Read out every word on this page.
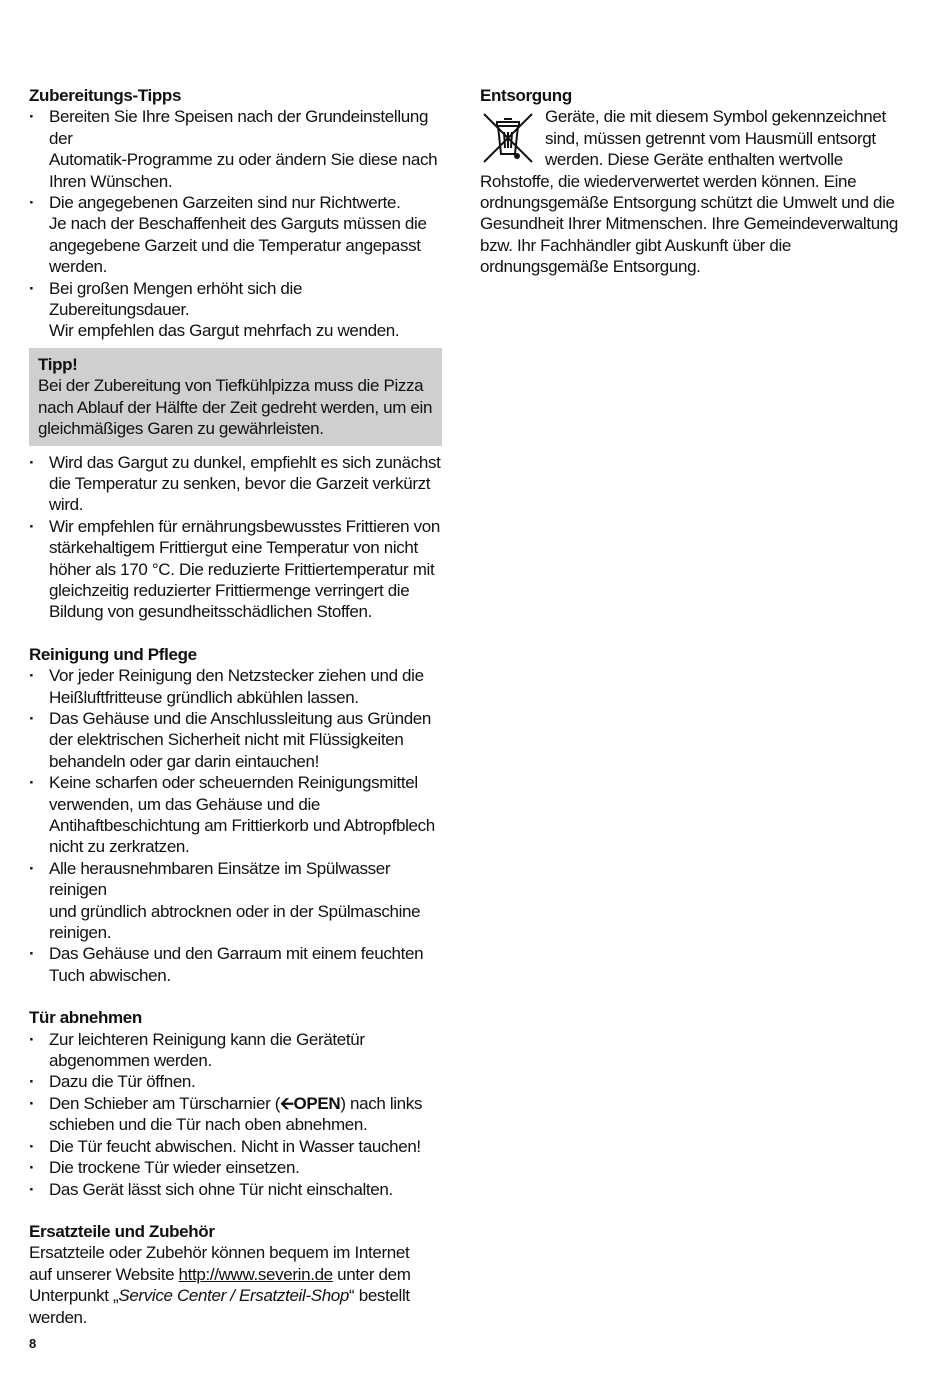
Zubereitungs-Tipps

· Bereiten Sie Ihre Speisen nach der Grundeinstellung der
Automatik-Programme zu oder ändern Sie diese nach
Ihren Wünschen.
· Die angegebenen Garzeiten sind nur Richtwerte.
Je nach der Beschaffenheit des Garguts müssen die
angegebene Garzeit und die Temperatur angepasst
werden.
· Bei großen Mengen erhöht sich die Zubereitungsdauer.
Wir empfehlen das Gargut mehrfach zu wenden.
Tipp!
Bei der Zubereitung von Tiefkühlpizza muss die Pizza
nach Ablauf der Hälfte der Zeit gedreht werden, um ein
gleichmäßiges Garen zu gewährleisten.
· Wird das Gargut zu dunkel, empfiehlt es sich zunächst
die Temperatur zu senken, bevor die Garzeit verkürzt
wird.
· Wir empfehlen für ernährungsbewusstes Frittieren von
stärkehaltigem Frittiergut eine Temperatur von nicht
höher als 170 °C. Die reduzierte Frittiertemperatur mit
gleichzeitig reduzierter Frittiermenge verringert die
Bildung von gesundheitsschädlichen Stoffen.

Reinigung und Pflege

· Vor jeder Reinigung den Netzstecker ziehen und die
Heißluftfritteuse gründlich abkühlen lassen.
· Das Gehäuse und die Anschlussleitung aus Gründen
der elektrischen Sicherheit nicht mit Flüssigkeiten
behandeln oder gar darin eintauchen!
· Keine scharfen oder scheuernden Reinigungsmittel
verwenden, um das Gehäuse und die
Antihaftbeschichtung am Frittierkorb und Abtropfblech
nicht zu zerkratzen.
· Alle herausnehmbaren Einsätze im Spülwasser reinigen
und gründlich abtrocknen oder in der Spülmaschine
reinigen.
· Das Gehäuse und den Garraum mit einem feuchten
Tuch abwischen.

Tür abnehmen

· Zur leichteren Reinigung kann die Gerätetür
abgenommen werden.
· Dazu die Tür öffnen.
· Den Schieber am Türscharnier (🡨OPEN) nach links
schieben und die Tür nach oben abnehmen.
· Die Tür feucht abwischen. Nicht in Wasser tauchen!
· Die trockene Tür wieder einsetzen.
· Das Gerät lässt sich ohne Tür nicht einschalten.

Ersatzteile und Zubehör

Ersatzteile oder Zubehör können bequem im Internet
auf unserer Website http://www.severin.de unter dem
Unterpunkt „Service Center / Ersatzteil-Shop“ bestellt
werden.

Entsorgung

Geräte, die mit diesem Symbol gekennzeichnet
sind, müssen getrennt vom Hausmüll entsorgt
werden. Diese Geräte enthalten wertvolle
Rohstoffe, die wiederverwertet werden können. Eine
ordnungsgemäße Entsorgung schützt die Umwelt und die
Gesundheit Ihrer Mitmenschen. Ihre Gemeindeverwaltung
bzw. Ihr Fachhändler gibt Auskunft über die
ordnungsgemäße Entsorgung.
8
